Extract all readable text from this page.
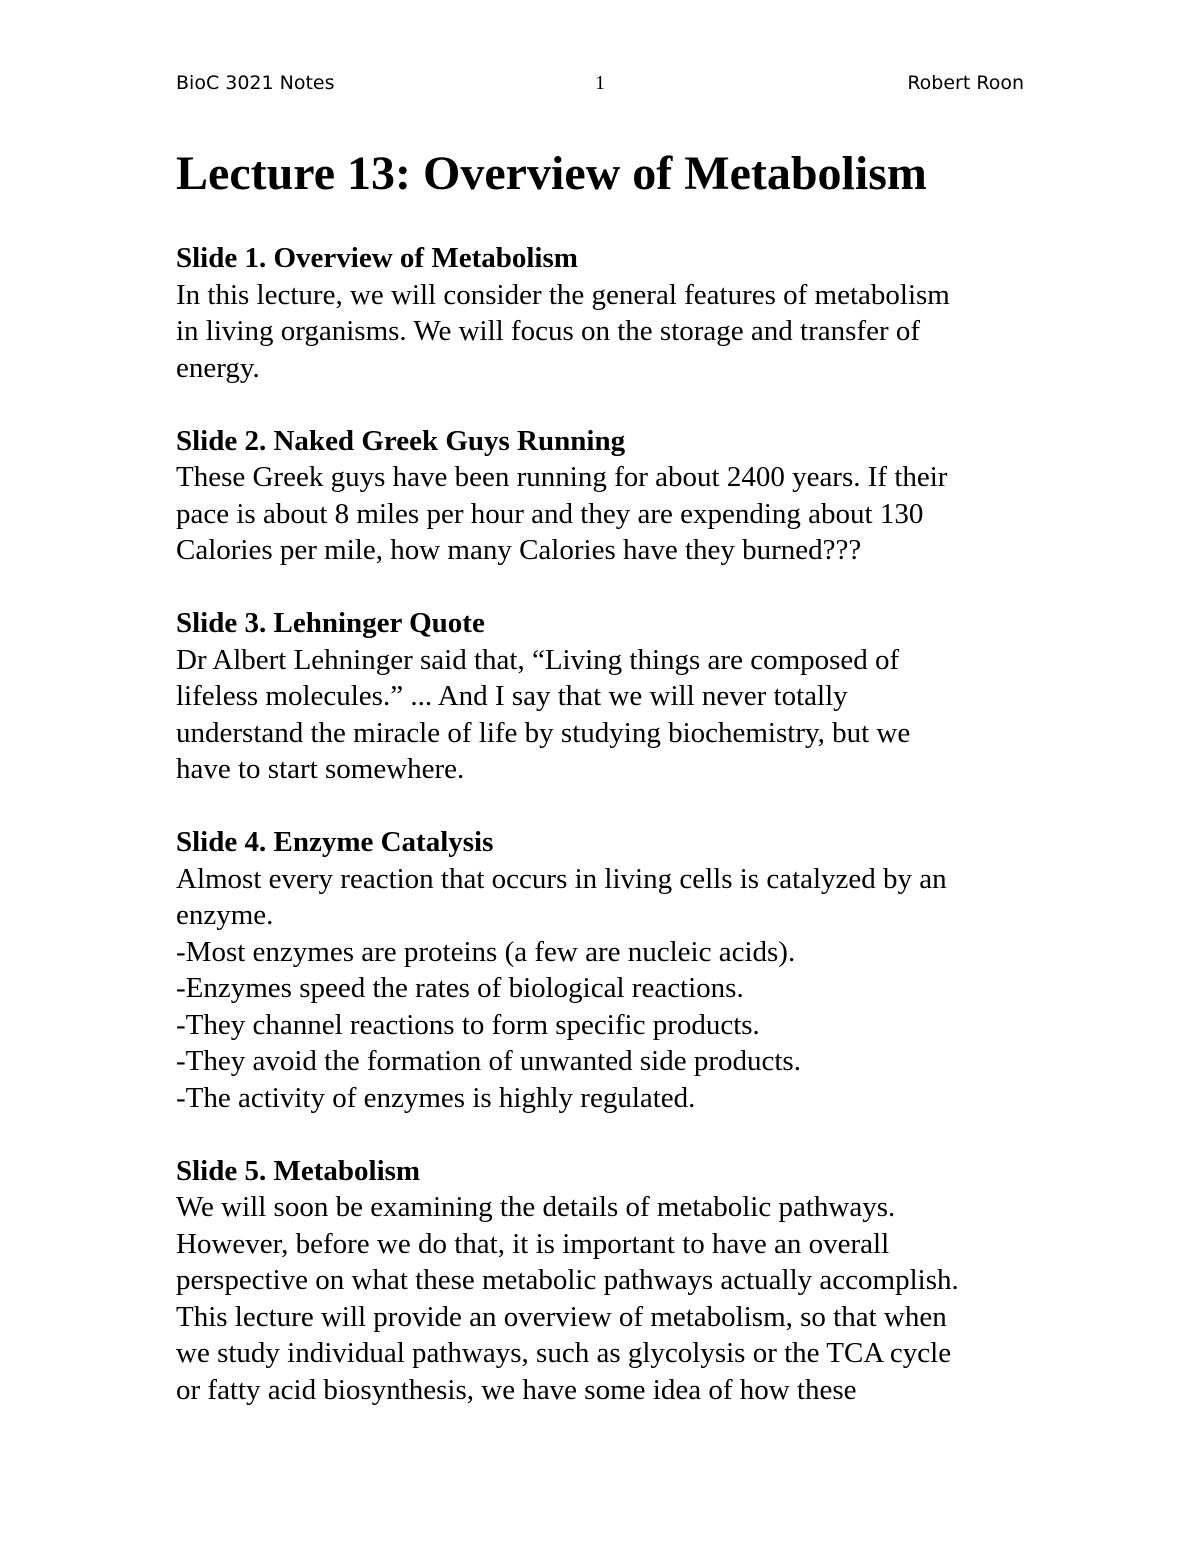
BioC 3021 Notes	1	Robert Roon
Lecture 13: Overview of Metabolism
Slide 1. Overview of Metabolism
In this lecture, we will consider the general features of metabolism
in living organisms. We will focus on the storage and transfer of
energy.
Slide 2. Naked Greek Guys Running
These Greek guys have been running for about 2400 years. If their
pace is about 8 miles per hour and they are expending about 130
Calories per mile, how many Calories have they burned???
Slide 3. Lehninger Quote
Dr Albert Lehninger said that, “Living things are composed of
lifeless molecules.” ... And I say that we will never totally
understand the miracle of life by studying biochemistry, but we
have to start somewhere.
Slide 4. Enzyme Catalysis
Almost every reaction that occurs in living cells is catalyzed by an
enzyme.
-Most enzymes are proteins (a few are nucleic acids).
-Enzymes speed the rates of biological reactions.
-They channel reactions to form specific products.
-They avoid the formation of unwanted side products.
-The activity of enzymes is highly regulated.
Slide 5. Metabolism
We will soon be examining the details of metabolic pathways.
However, before we do that, it is important to have an overall
perspective on what these metabolic pathways actually accomplish.
This lecture will provide an overview of metabolism, so that when
we study individual pathways, such as glycolysis or the TCA cycle
or fatty acid biosynthesis, we have some idea of how these
